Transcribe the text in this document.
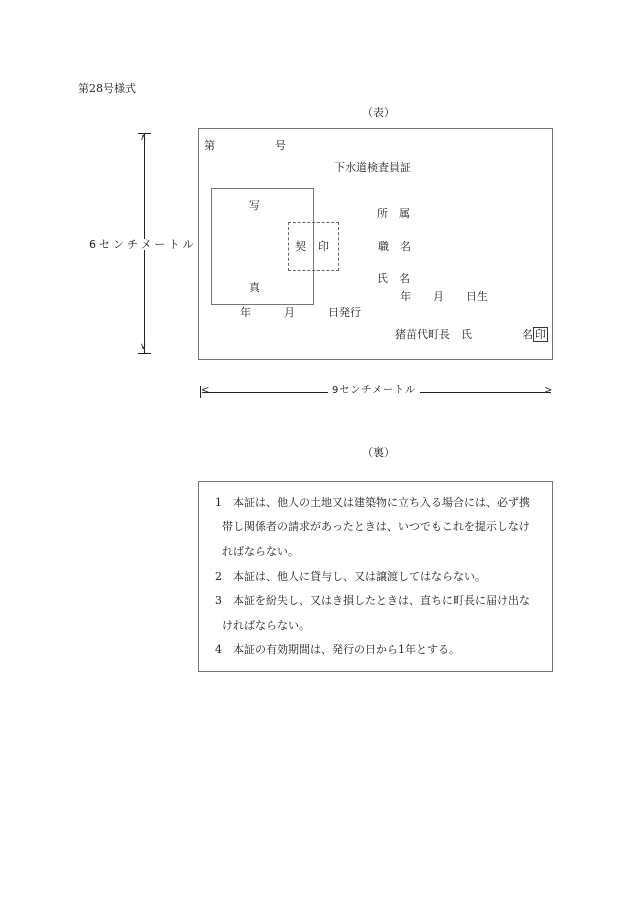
第28号様式
（表）
∧
∨
6センチメートル
第	号
下水道検査員証
写
真
契 印
所　属
職　名
氏　名
年　　月　　日生
年　　　月　　　日発行
猪苗代町長　氏	名 印
<	>
9センチメートル
（裏）

1　本証は、他人の土地又は建築物に立ち入る場合には、必ず携

帯し関係者の請求があったときは、いつでもこれを提示しなけ

ればならない。

2　本証は、他人に貸与し、又は譲渡してはならない。

3　本証を紛失し、又はき損したときは、直ちに町長に届け出な

ければならない。

4　本証の有効期間は、発行の日から1年とする。
